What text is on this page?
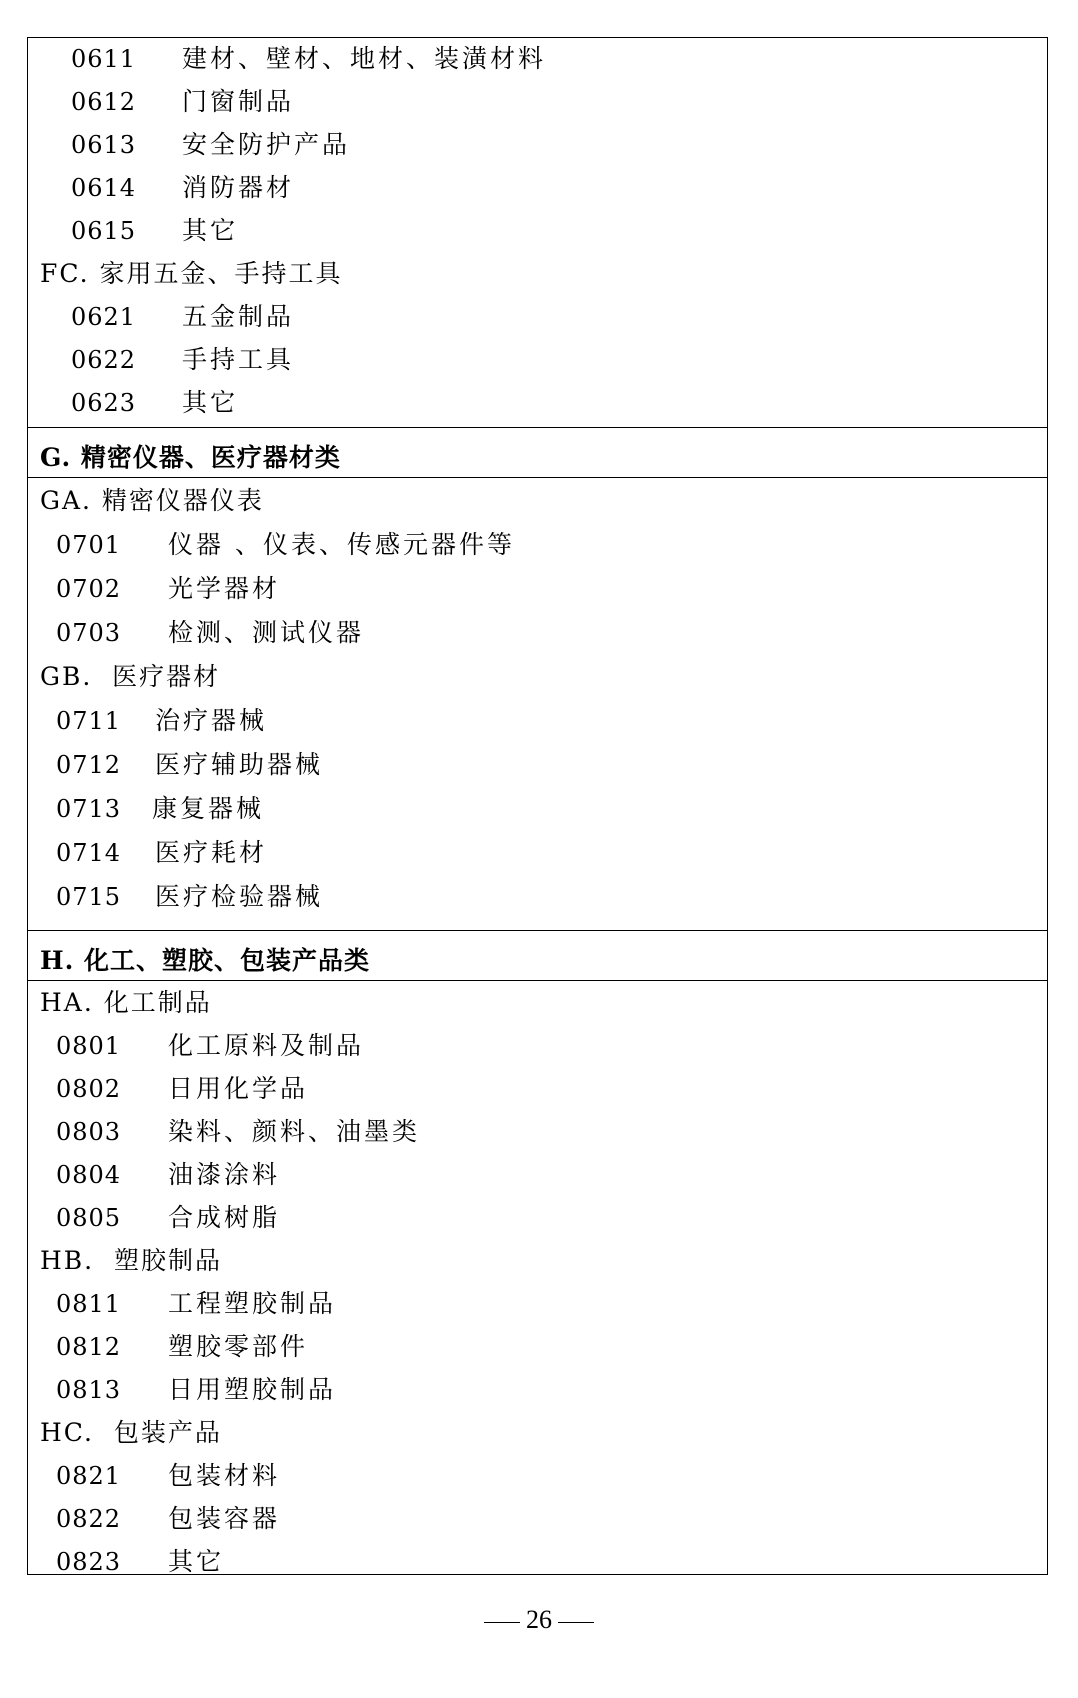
0611 建材、壁材、地材、装潢材料
0612 门窗制品
0613 安全防护产品
0614 消防器材
0615 其它
FC. 家用五金、手持工具
0621 五金制品
0622 手持工具
0623 其它
G. 精密仪器、医疗器材类
GA. 精密仪器仪表
0701 仪器 、仪表、传感元器件等
0702 光学器材
0703 检测、测试仪器
GB.  医疗器材
0711 治疗器械
0712 医疗辅助器械
0713 康复器械
0714 医疗耗材
0715 医疗检验器械
H. 化工、塑胶、包装产品类
HA. 化工制品
0801 化工原料及制品
0802 日用化学品
0803 染料、颜料、油墨类
0804 油漆涂料
0805 合成树脂
HB.  塑胶制品
0811 工程塑胶制品
0812 塑胶零部件
0813 日用塑胶制品
HC.  包装产品
0821 包装材料
0822 包装容器
0823 其它
26
